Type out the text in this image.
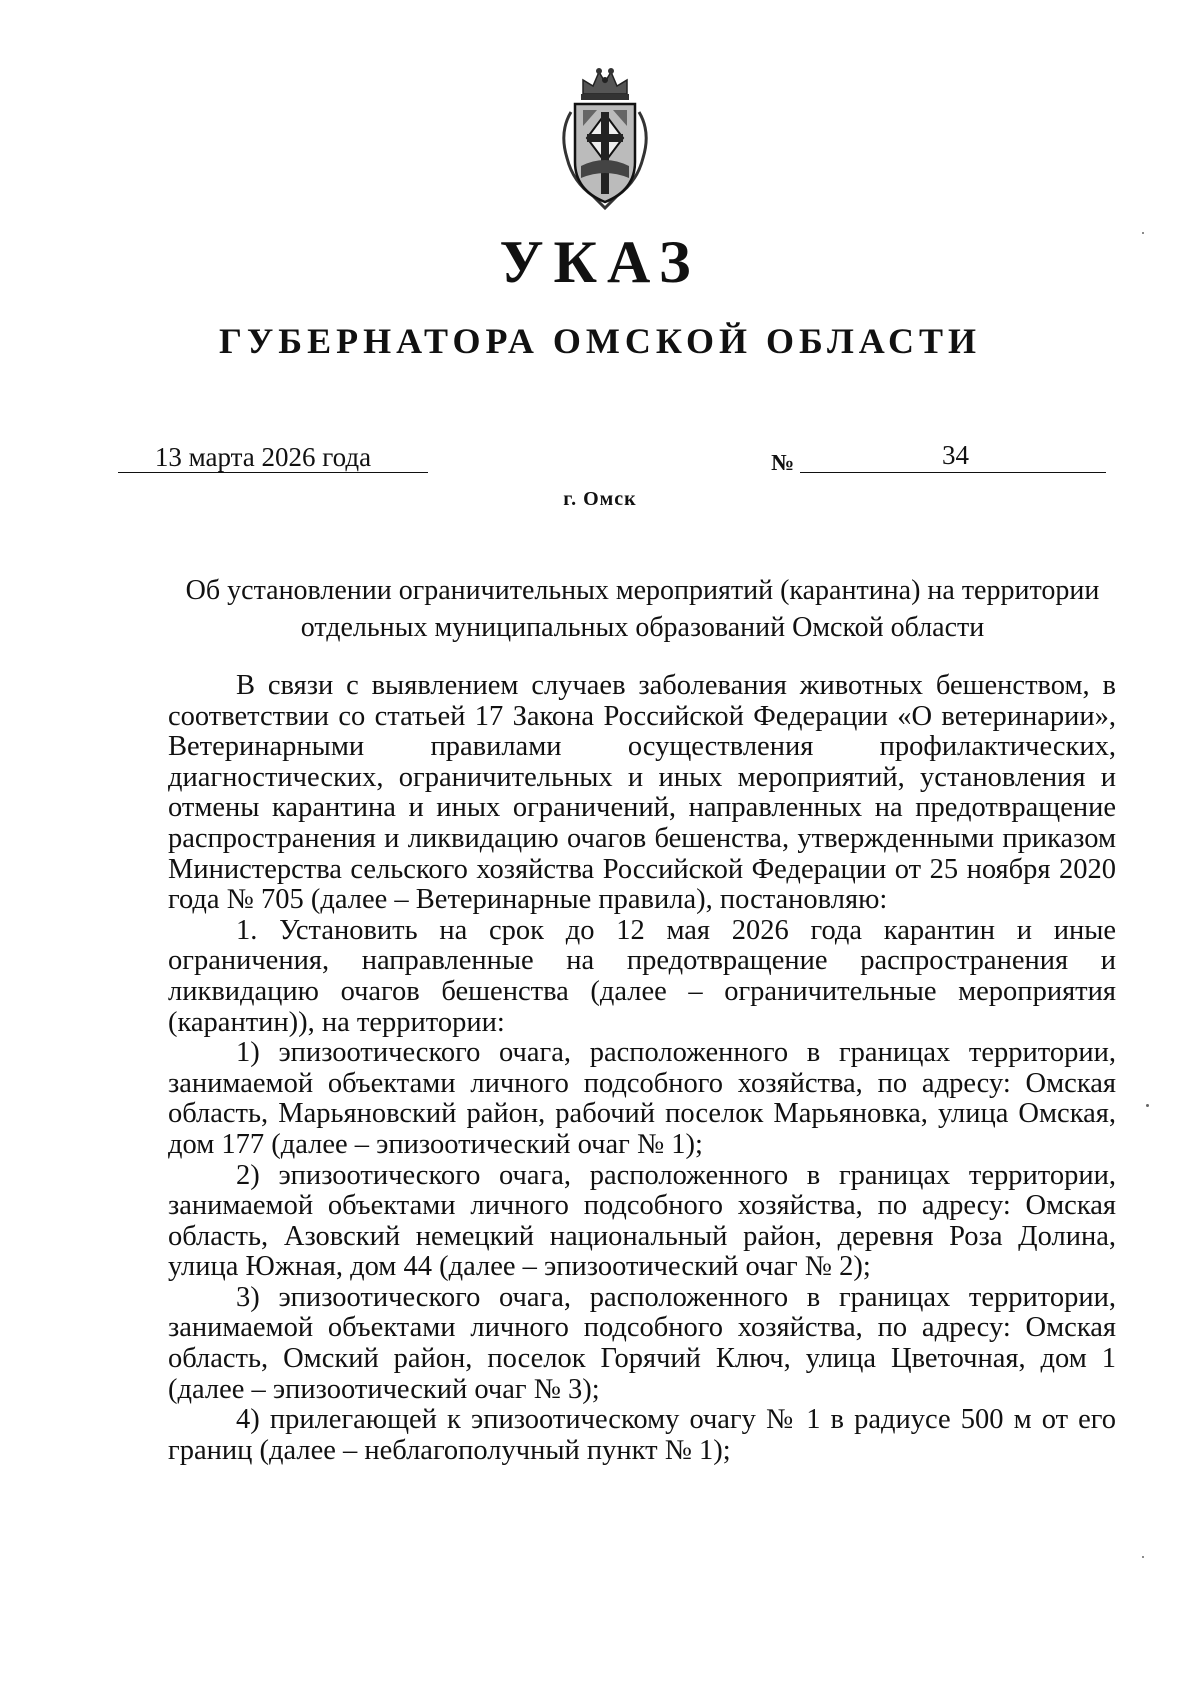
УКАЗ
ГУБЕРНАТОРА ОМСКОЙ ОБЛАСТИ
13 марта 2026 года	№	34
г. Омск
Об установлении ограничительных мероприятий (карантина) на территории
отдельных муниципальных образований Омской области

В связи с выявлением случаев заболевания животных бешенством, в соответствии со статьей 17 Закона Российской Федерации «О ветеринарии», Ветеринарными правилами осуществления профилактических, диагностических, ограничительных и иных мероприятий, установления и отмены карантина и иных ограничений, направленных на предотвращение распространения и ликвидацию очагов бешенства, утвержденными приказом Министерства сельского хозяйства Российской Федерации от 25 ноября 2020 года № 705 (далее – Ветеринарные правила), постановляю:

1. Установить на срок до 12 мая 2026 года карантин и иные ограничения, направленные на предотвращение распространения и ликвидацию очагов бешенства (далее – ограничительные мероприятия (карантин)), на территории:

1) эпизоотического очага, расположенного в границах территории, занимаемой объектами личного подсобного хозяйства, по адресу: Омская область, Марьяновский район, рабочий поселок Марьяновка, улица Омская, дом 177 (далее – эпизоотический очаг № 1);

2) эпизоотического очага, расположенного в границах территории, занимаемой объектами личного подсобного хозяйства, по адресу: Омская область, Азовский немецкий национальный район, деревня Роза Долина, улица Южная, дом 44 (далее – эпизоотический очаг № 2);

3) эпизоотического очага, расположенного в границах территории, занимаемой объектами личного подсобного хозяйства, по адресу: Омская область, Омский район, поселок Горячий Ключ, улица Цветочная, дом 1 (далее – эпизоотический очаг № 3);

4) прилегающей к эпизоотическому очагу № 1 в радиусе 500 м от его границ (далее – неблагополучный пункт № 1);
